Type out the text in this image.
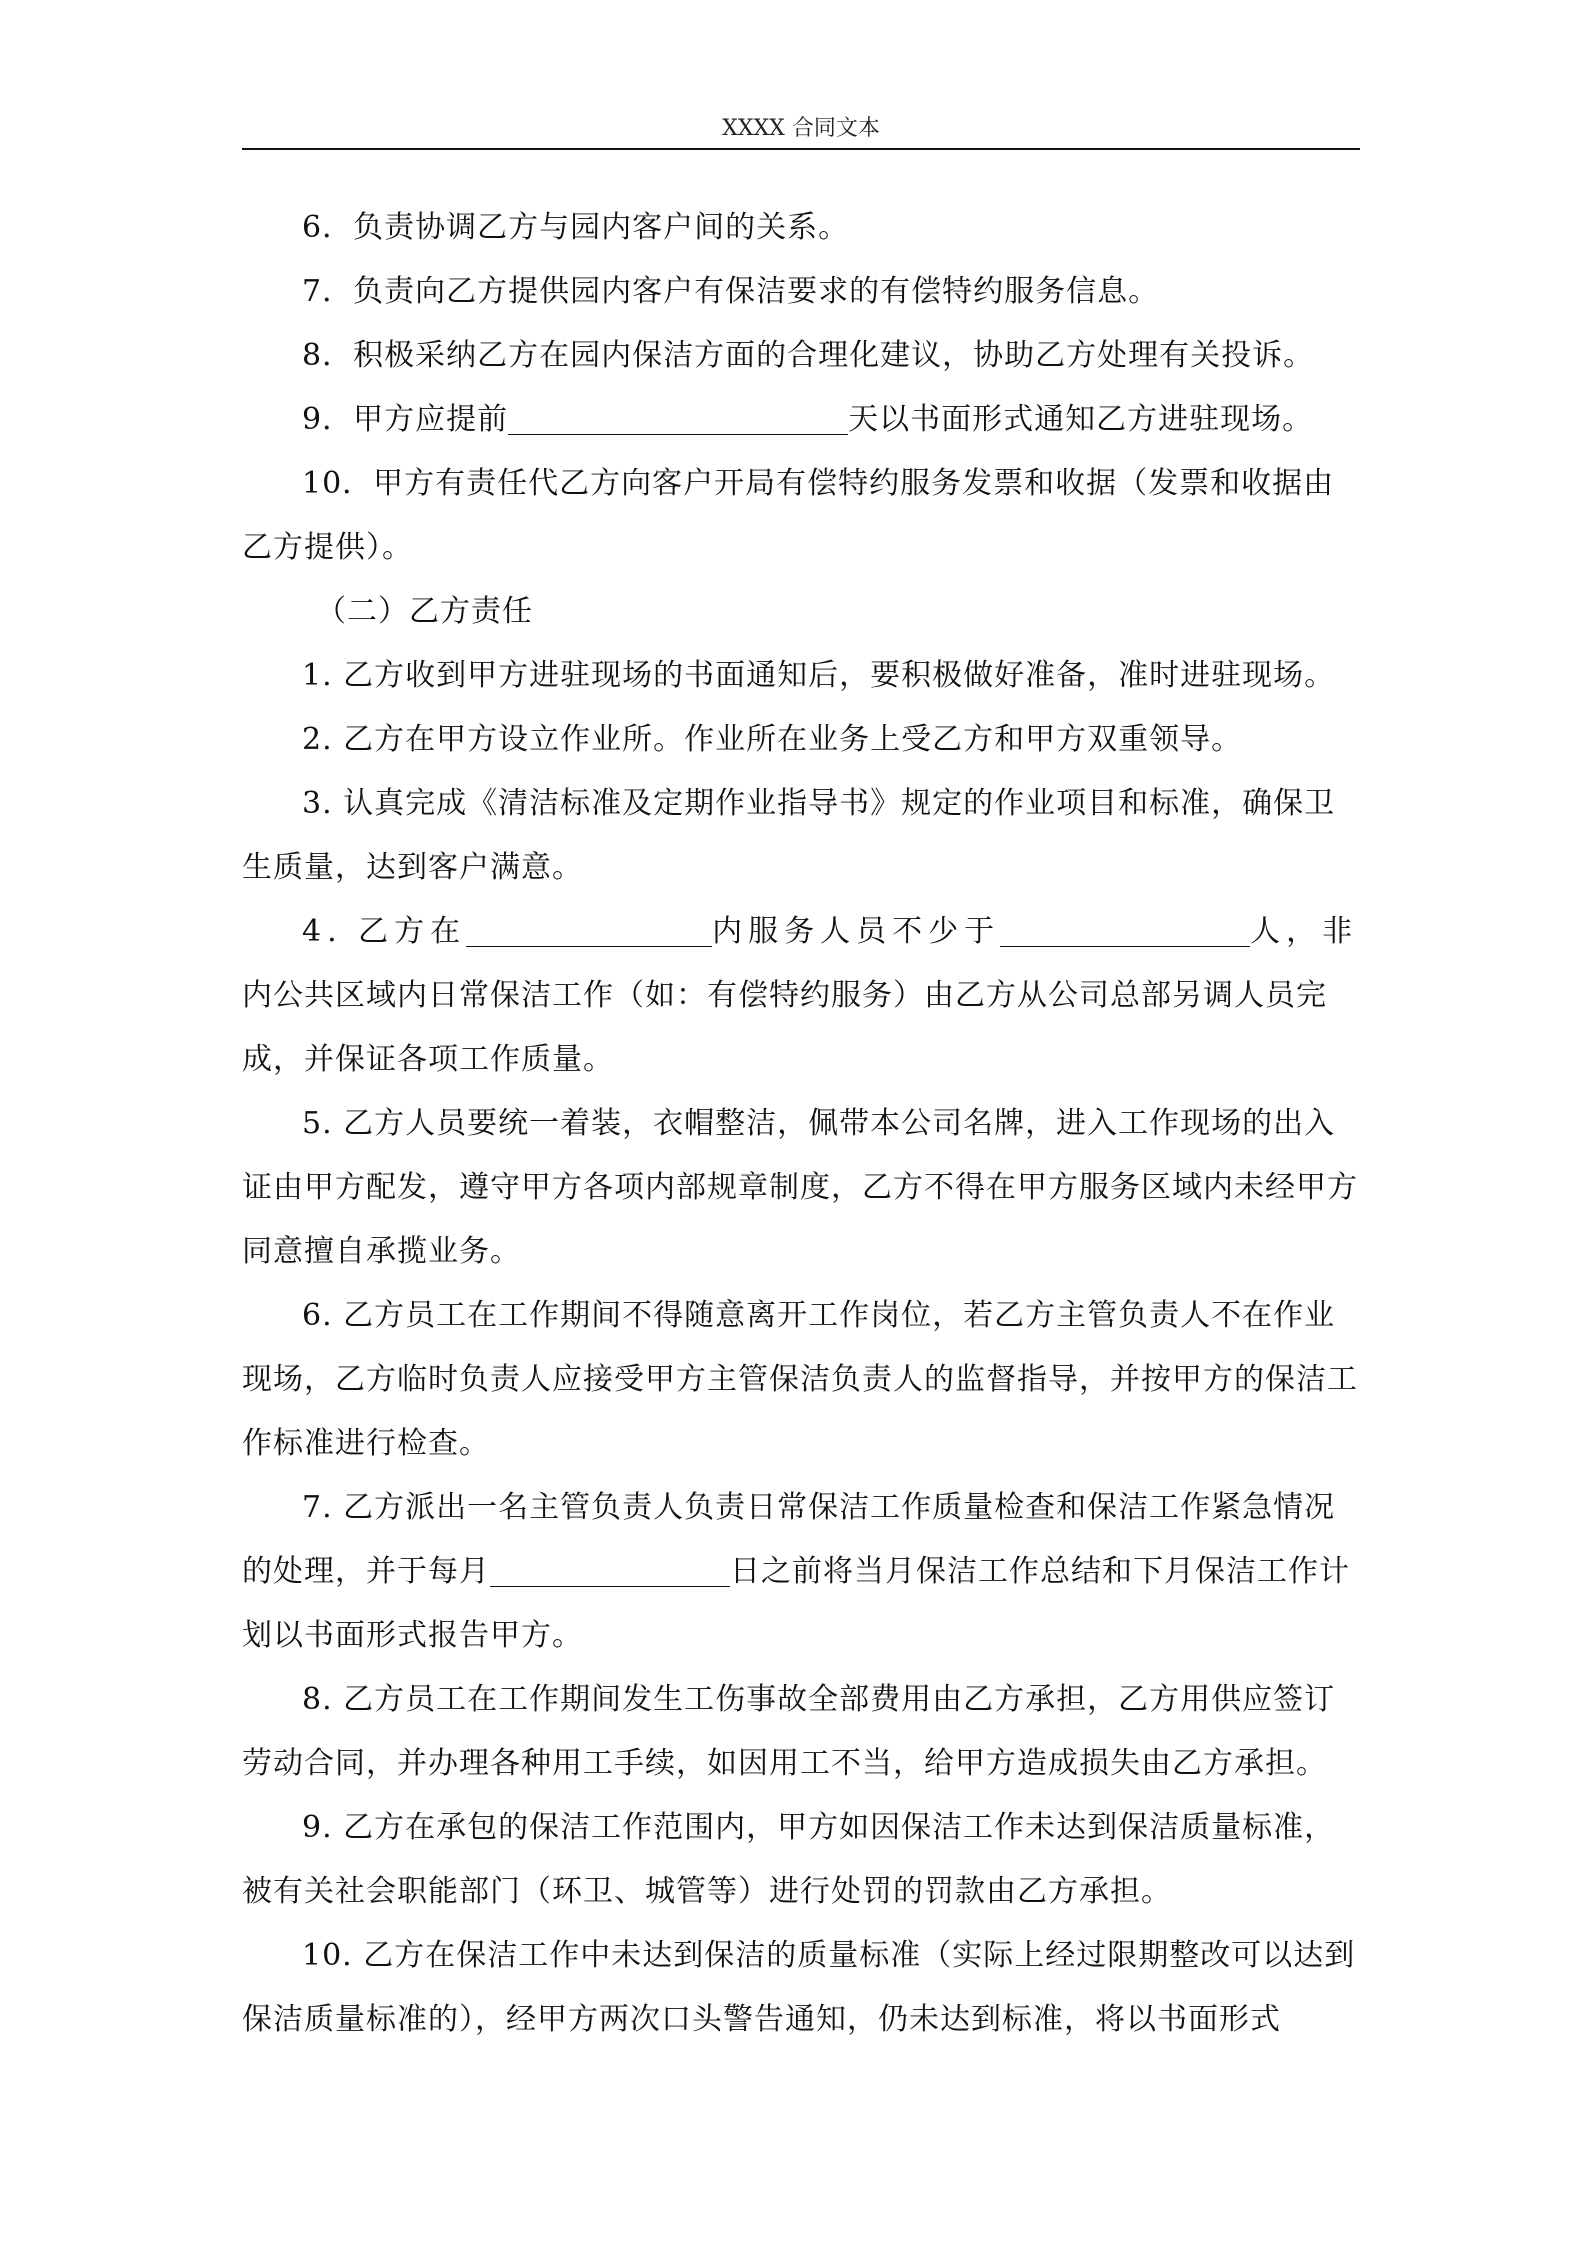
XXXX 合同文本

6．负责协调乙方与园内客户间的关系。

7．负责向乙方提供园内客户有保洁要求的有偿特约服务信息。

8．积极采纳乙方在园内保洁方面的合理化建议，协助乙方处理有关投诉。

9．甲方应提前	天以书面形式通知乙方进驻现场。

10．甲方有责任代乙方向客户开局有偿特约服务发票和收据（发票和收据由乙方提供）。

（二）乙方责任

1. 乙方收到甲方进驻现场的书面通知后，要积极做好准备，准时进驻现场。

2. 乙方在甲方设立作业所。作业所在业务上受乙方和甲方双重领导。

3. 认真完成《清洁标准及定期作业指导书》规定的作业项目和标准，确保卫生质量，达到客户满意。

4. 乙方在	内服务人员不少于	人，非内公共区域内日常保洁工作（如：有偿特约服务）由乙方从公司总部另调人员完成，并保证各项工作质量。

5. 乙方人员要统一着装，衣帽整洁，佩带本公司名牌，进入工作现场的出入证由甲方配发，遵守甲方各项内部规章制度，乙方不得在甲方服务区域内未经甲方同意擅自承揽业务。

6. 乙方员工在工作期间不得随意离开工作岗位，若乙方主管负责人不在作业现场，乙方临时负责人应接受甲方主管保洁负责人的监督指导，并按甲方的保洁工作标准进行检查。

7. 乙方派出一名主管负责人负责日常保洁工作质量检查和保洁工作紧急情况的处理，并于每月	日之前将当月保洁工作总结和下月保洁工作计划以书面形式报告甲方。

8. 乙方员工在工作期间发生工伤事故全部费用由乙方承担，乙方用供应签订劳动合同，并办理各种用工手续，如因用工不当，给甲方造成损失由乙方承担。

9. 乙方在承包的保洁工作范围内，甲方如因保洁工作未达到保洁质量标准，被有关社会职能部门（环卫、城管等）进行处罚的罚款由乙方承担。

10. 乙方在保洁工作中未达到保洁的质量标准（实际上经过限期整改可以达到保洁质量标准的），经甲方两次口头警告通知，仍未达到标准，将以书面形式
